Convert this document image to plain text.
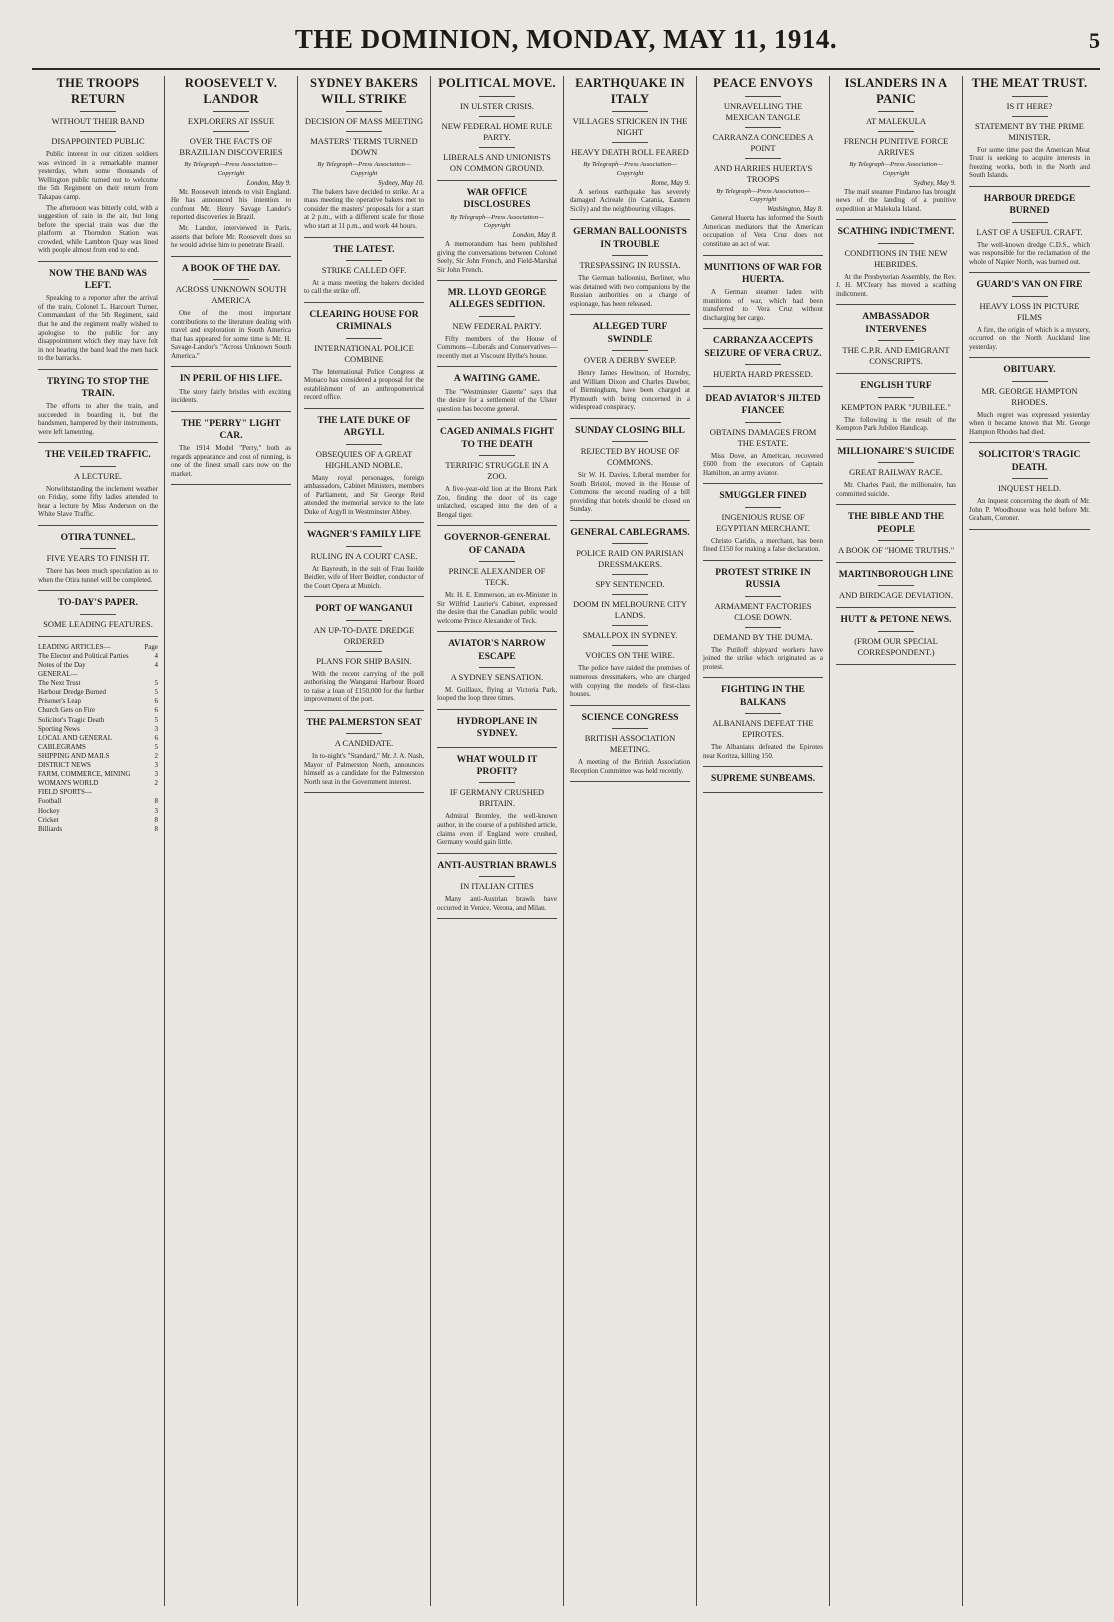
THE DOMINION, MONDAY, MAY 11, 1914.	5
THE TROOPS RETURN
WITHOUT THEIR BAND
DISAPPOINTED PUBLIC

Public interest in our citizen soldiers was evinced in a remarkable manner yesterday, when some thousands of Wellington public turned out to welcome the 5th Regiment on their return from Takapau camp.

The afternoon was bitterly cold, with a suggestion of rain in the air, but long before the special train was due the platform at Thorndon Station was crowded, while Lambton Quay was lined with people almost from end to end.

NOW THE BAND WAS LEFT.

Speaking to a reporter after the arrival of the train, Colonel L. Harcourt Turner, Commandant of the 5th Regiment, said that he and the regiment really wished to apologise to the public for any disappointment which they may have felt in not hearing the band lead the men back to the barracks.

TRYING TO STOP THE TRAIN.

The efforts to alter the train, and succeeded in boarding it, but the bandsmen, hampered by their instruments, were left lamenting.

THE VEILED TRAFFIC.
A LECTURE.

Notwithstanding the inclement weather on Friday, some fifty ladies attended to hear a lecture by Miss Anderson on the White Slave Traffic.

OTIRA TUNNEL.
FIVE YEARS TO FINISH IT.

There has been much speculation as to when the Otira tunnel will be completed.

TO-DAY'S PAPER.
SOME LEADING FEATURES.
LEADING ARTICLES—	Page
The Elector and Political Parties	4
Notes of the Day	4
GENERAL—
The Next Trust	5
Harbour Dredge Burned	5
Prisoner's Leap	6
Church Gets on Fire	6
Solicitor's Tragic Death	5
Sporting News	3
LOCAL AND GENERAL	6
CABLEGRAMS	5
SHIPPING AND MAILS	2
DISTRICT NEWS	3
FARM, COMMERCE, MINING	3
WOMAN'S WORLD	2
FIELD SPORTS—
Football	8
Hockey	3
Cricket	8
Billiards	8
ROOSEVELT V. LANDOR
EXPLORERS AT ISSUE
OVER THE FACTS OF BRAZILIAN DISCOVERIES
By Telegraph—Press Association—Copyright
London, May 9.

Mr. Roosevelt intends to visit England. He has announced his intention to confront Mr. Henry Savage Landor's reported discoveries in Brazil.

Mr. Landor, interviewed in Paris, asserts that before Mr. Roosevelt does so he would advise him to penetrate Brazil.

A BOOK OF THE DAY.
ACROSS UNKNOWN SOUTH AMERICA

One of the most important contributions to the literature dealing with travel and exploration in South America that has appeared for some time is Mr. H. Savage-Landor's "Across Unknown South America."

IN PERIL OF HIS LIFE.

The story fairly bristles with exciting incidents.

THE "PERRY" LIGHT CAR.

The 1914 Model "Perry," both as regards appearance and cost of running, is one of the finest small cars now on the market.

SYDNEY BAKERS WILL STRIKE
DECISION OF MASS MEETING
MASTERS' TERMS TURNED DOWN
By Telegraph—Press Association—Copyright
Sydney, May 10.

The bakers have decided to strike. At a mass meeting the operative bakers met to consider the masters' proposals for a start at 2 p.m., with a different scale for those who start at 11 p.m., and work 44 hours.

THE LATEST.
STRIKE CALLED OFF.

At a mass meeting the bakers decided to call the strike off.

CLEARING HOUSE FOR CRIMINALS
INTERNATIONAL POLICE COMBINE

The International Police Congress at Monaco has considered a proposal for the establishment of an anthropometrical record office.

THE LATE DUKE OF ARGYLL
OBSEQUIES OF A GREAT HIGHLAND NOBLE.

Many royal personages, foreign ambassadors, Cabinet Ministers, members of Parliament, and Sir George Reid attended the memorial service to the late Duke of Argyll in Westminster Abbey.

WAGNER'S FAMILY LIFE
RULING IN A COURT CASE.

At Bayreuth, in the suit of Frau Isolde Beidler, wife of Herr Beidler, conductor of the Court Opera at Munich.

PORT OF WANGANUI
AN UP-TO-DATE DREDGE ORDERED
PLANS FOR SHIP BASIN.

With the recent carrying of the poll authorising the Wanganui Harbour Board to raise a loan of £150,000 for the further improvement of the port.

THE PALMERSTON SEAT
A CANDIDATE.

In to-night's "Standard," Mr. J. A. Nash, Mayor of Palmerston North, announces himself as a candidate for the Palmerston North seat in the Government interest.

POLITICAL MOVE.
IN ULSTER CRISIS.
NEW FEDERAL HOME RULE PARTY.
LIBERALS AND UNIONISTS ON COMMON GROUND.
WAR OFFICE DISCLOSURES
By Telegraph—Press Association—Copyright
London, May 8.

A memorandum has been published giving the conversations between Colonel Seely, Sir John French, and Field-Marshal Sir John French.

MR. LLOYD GEORGE ALLEGES SEDITION.
NEW FEDERAL PARTY.

Fifty members of the House of Commons—Liberals and Conservatives—recently met at Viscount Hythe's house.

A WAITING GAME.

The "Westminster Gazette" says that the desire for a settlement of the Ulster question has become general.

CAGED ANIMALS FIGHT TO THE DEATH
TERRIFIC STRUGGLE IN A ZOO.

A five-year-old lion at the Bronx Park Zoo, finding the door of its cage unlatched, escaped into the den of a Bengal tiger.

GOVERNOR-GENERAL OF CANADA
PRINCE ALEXANDER OF TECK.

Mr. H. E. Emmerson, an ex-Minister in Sir Wilfrid Laurier's Cabinet, expressed the desire that the Canadian public would welcome Prince Alexander of Teck.

AVIATOR'S NARROW ESCAPE
A SYDNEY SENSATION.

M. Guillaux, flying at Victoria Park, looped the loop three times.

HYDROPLANE IN SYDNEY.
WHAT WOULD IT PROFIT?
IF GERMANY CRUSHED BRITAIN.

Admiral Bromley, the well-known author, in the course of a published article, claims even if England were crushed, Germany would gain little.

ANTI-AUSTRIAN BRAWLS
IN ITALIAN CITIES

Many anti-Austrian brawls have occurred in Venice, Verona, and Milan.

EARTHQUAKE IN ITALY
VILLAGES STRICKEN IN THE NIGHT
HEAVY DEATH ROLL FEARED
By Telegraph—Press Association—Copyright
Rome, May 9.

A serious earthquake has severely damaged Acireale (in Catania, Eastern Sicily) and the neighbouring villages.

GERMAN BALLOONISTS IN TROUBLE
TRESPASSING IN RUSSIA.

The German balloonist, Berliner, who was detained with two companions by the Russian authorities on a charge of espionage, has been released.

ALLEGED TURF SWINDLE
OVER A DERBY SWEEP.

Henry James Hewitson, of Hornsby, and William Dixon and Charles Dawber, of Birmingham, have been charged at Plymouth with being concerned in a widespread conspiracy.

SUNDAY CLOSING BILL
REJECTED BY HOUSE OF COMMONS.

Sir W. H. Davies, Liberal member for South Bristol, moved in the House of Commons the second reading of a bill providing that hotels should be closed on Sunday.

GENERAL CABLEGRAMS.
POLICE RAID ON PARISIAN DRESSMAKERS.
SPY SENTENCED.
DOOM IN MELBOURNE CITY LANDS.
SMALLPOX IN SYDNEY.
VOICES ON THE WIRE.

The police have raided the premises of numerous dressmakers, who are charged with copying the models of first-class houses.

SCIENCE CONGRESS
BRITISH ASSOCIATION MEETING.

A meeting of the British Association Reception Committee was held recently.

PEACE ENVOYS
UNRAVELLING THE MEXICAN TANGLE
CARRANZA CONCEDES A POINT
AND HARRIES HUERTA'S TROOPS
By Telegraph—Press Association—Copyright
Washington, May 8.

General Huerta has informed the South American mediators that the American occupation of Vera Cruz does not constitute an act of war.

MUNITIONS OF WAR FOR HUERTA.

A German steamer laden with munitions of war, which had been transferred to Vera Cruz without discharging her cargo.

CARRANZA ACCEPTS SEIZURE OF VERA CRUZ.
HUERTA HARD PRESSED.
DEAD AVIATOR'S JILTED FIANCEE
OBTAINS DAMAGES FROM THE ESTATE.

Miss Dove, an American, recovered £600 from the executors of Captain Hamilton, an army aviator.

SMUGGLER FINED
INGENIOUS RUSE OF EGYPTIAN MERCHANT.

Christo Caridis, a merchant, has been fined £150 for making a false declaration.

PROTEST STRIKE IN RUSSIA
ARMAMENT FACTORIES CLOSE DOWN.
DEMAND BY THE DUMA.

The Putiloff shipyard workers have joined the strike which originated as a protest.

FIGHTING IN THE BALKANS
ALBANIANS DEFEAT THE EPIROTES.

The Albanians defeated the Epirotes near Koritza, killing 150.

SUPREME SUNBEAMS.
ISLANDERS IN A PANIC
AT MALEKULA
FRENCH PUNITIVE FORCE ARRIVES
By Telegraph—Press Association—Copyright
Sydney, May 9.

The mail steamer Pindaroo has brought news of the landing of a punitive expedition at Malekula Island.

SCATHING INDICTMENT.
CONDITIONS IN THE NEW HEBRIDES.

At the Presbyterian Assembly, the Rev. J. H. M'Cleary has moved a scathing indictment.

AMBASSADOR INTERVENES
THE C.P.R. AND EMIGRANT CONSCRIPTS.
ENGLISH TURF
KEMPTON PARK "JUBILEE."

The following is the result of the Kempton Park Jubilee Handicap.

MILLIONAIRE'S SUICIDE
GREAT RAILWAY RACE.

Mr. Charles Paul, the millionaire, has committed suicide.

THE BIBLE AND THE PEOPLE
A BOOK OF "HOME TRUTHS."
MARTINBOROUGH LINE
AND BIRDCAGE DEVIATION.
HUTT & PETONE NEWS.
(FROM OUR SPECIAL CORRESPONDENT.)
THE MEAT TRUST.
IS IT HERE?
STATEMENT BY THE PRIME MINISTER.

For some time past the American Meat Trust is seeking to acquire interests in freezing works, both in the North and South Islands.

HARBOUR DREDGE BURNED
LAST OF A USEFUL CRAFT.

The well-known dredge C.D.S., which was responsible for the reclamation of the whole of Napier North, was burned out.

GUARD'S VAN ON FIRE
HEAVY LOSS IN PICTURE FILMS

A fire, the origin of which is a mystery, occurred on the North Auckland line yesterday.

OBITUARY.
MR. GEORGE HAMPTON RHODES.

Much regret was expressed yesterday when it became known that Mr. George Hampton Rhodes had died.

SOLICITOR'S TRAGIC DEATH.
INQUEST HELD.

An inquest concerning the death of Mr. John P. Woodhouse was held before Mr. Graham, Coroner.
